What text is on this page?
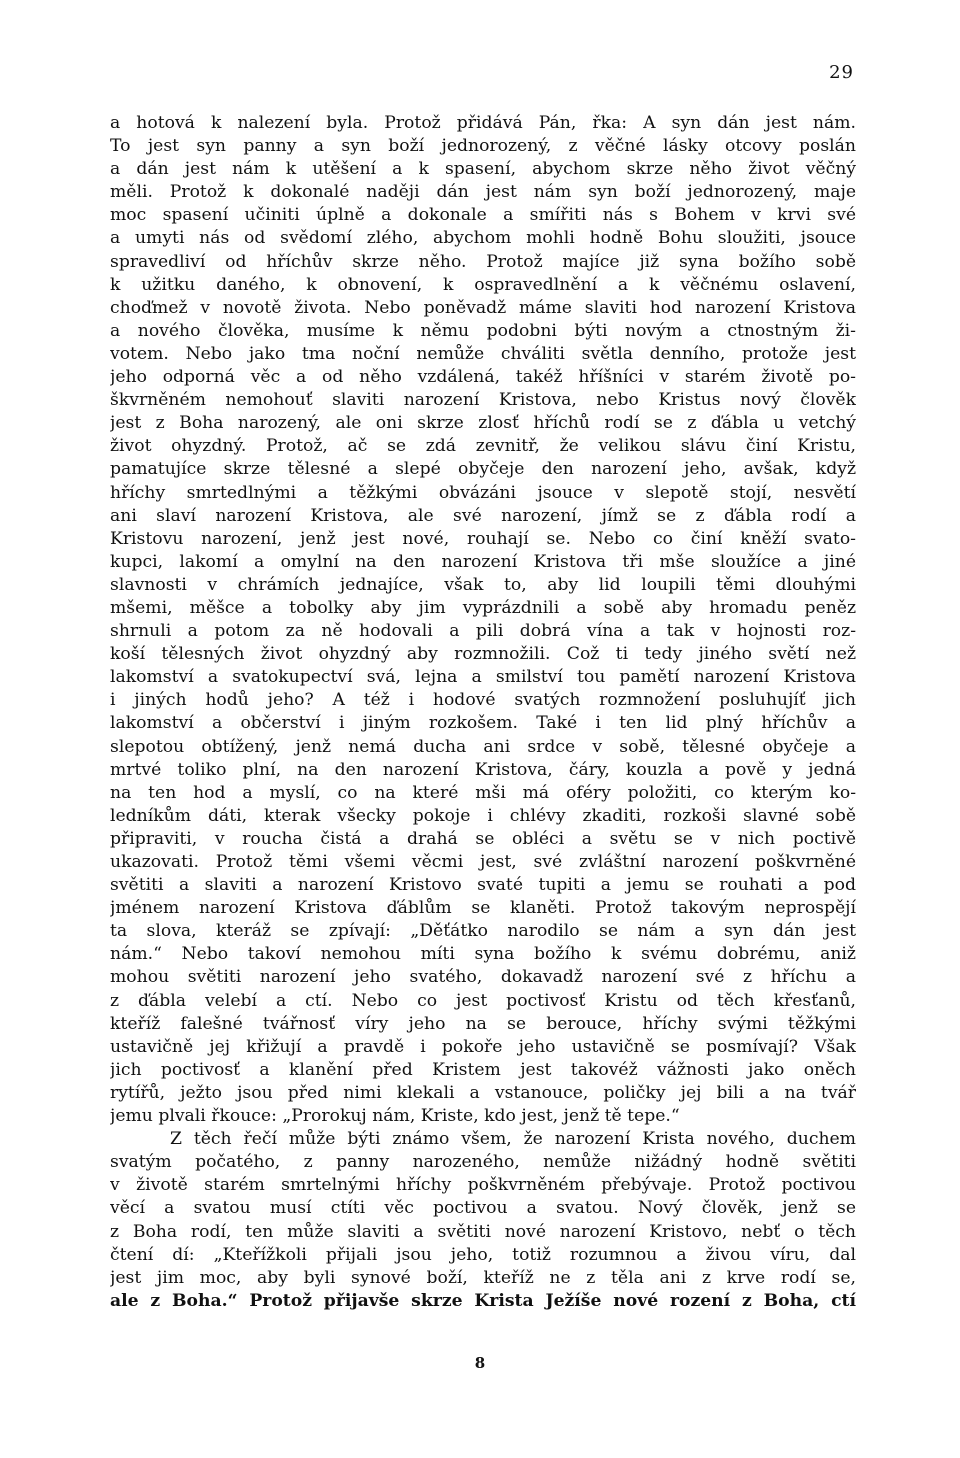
29
a hotová k nalezení byla. Protož přidává Pán, řka: A syn dán jest nám.
To jest syn panny a syn boží jednorozený, z věčné lásky otcovy poslán
a dán jest nám k utěšení a k spasení, abychom skrze něho život věčný
měli. Protož k dokonalé naději dán jest nám syn boží jednorozený, maje
moc spasení učiniti úplně a dokonale a smířiti nás s Bohem v krvi své
a umyti nás od svědomí zlého, abychom mohli hodně Bohu sloužiti, jsouce
spravedliví od hříchův skrze něho. Protož majíce již syna božího sobě
k užitku daného, k obnovení, k ospravedlnění a k věčnému oslavení,
choďmež v novotě života. Nebo poněvadž máme slaviti hod narození Kristova
a nového člověka, musíme k němu podobni býti novým a ctnostným ži-
votem. Nebo jako tma noční nemůže chváliti světla denního, protože jest
jeho odporná věc a od něho vzdálená, takéž hříšníci v starém životě po-
škvrněném nemohouť slaviti narození Kristova, nebo Kristus nový člověk
jest z Boha narozený, ale oni skrze zlosť hříchů rodí se z ďábla u vetchý
život ohyzdný. Protož, ač se zdá zevnitř, že velikou slávu činí Kristu,
pamatujíce skrze tělesné a slepé obyčeje den narození jeho, avšak, když
hříchy smrtedlnými a těžkými obvázáni jsouce v slepotě stojí, nesvětí
ani slaví narození Kristova, ale své narození, jímž se z ďábla rodí a
Kristovu narození, jenž jest nové, rouhají se. Nebo co činí kněží svato-
kupci, lakomí a omylní na den narození Kristova tři mše sloužíce a jiné
slavnosti v chrámích jednajíce, však to, aby lid loupili těmi dlouhými
mšemi, měšce a tobolky aby jim vyprázdnili a sobě aby hromadu peněz
shrnuli a potom za ně hodovali a pili dobrá vína a tak v hojnosti roz-
koší tělesných život ohyzdný aby rozmnožili. Což ti tedy jiného světí než
lakomství a svatokupectví svá, lejna a smilství tou pamětí narození Kristova
i jiných hodů jeho? A též i hodové svatých rozmnožení posluhujíť jich
lakomství a občerství i jiným rozkošem. Také i ten lid plný hříchův a
slepotou obtížený, jenž nemá ducha ani srdce v sobě, tělesné obyčeje a
mrtvé toliko plní, na den narození Kristova, čáry, kouzla a pově y jedná
na ten hod a myslí, co na které mši má oféry položiti, co kterým ko-
ledníkům dáti, kterak všecky pokoje i chlévy zkaditi, rozkoši slavné sobě
připraviti, v roucha čistá a drahá se obléci a světu se v nich poctivě
ukazovati. Protož těmi všemi věcmi jest, své zvláštní narození poškvrněné
světiti a slaviti a narození Kristovo svaté tupiti a jemu se rouhati a pod
jménem narození Kristova ďáblům se klaněti. Protož takovým neprospějí
ta slova, kteráž se zpívají: „Děťátko narodilo se nám a syn dán jest
nám.“ Nebo takoví nemohou míti syna božího k svému dobrému, aniž
mohou světiti narození jeho svatého, dokavadž narození své z hříchu a
z ďábla velebí a ctí. Nebo co jest poctivosť Kristu od těch křesťanů,
kteříž falešné tvářnosť víry jeho na se berouce, hříchy svými těžkými
ustavičně jej křižují a pravdě i pokoře jeho ustavičně se posmívají? Však
jich poctivosť a klanění před Kristem jest takovéž vážnosti jako oněch
rytířů, ježto jsou před nimi klekali a vstanouce, poličky jej bili a na tvář
jemu plvali řkouce: „Prorokuj nám, Kriste, kdo jest, jenž tě tepe.“
Z těch řečí může býti známo všem, že narození Krista nového, duchem
svatým počatého, z panny narozeného, nemůže nižádný hodně světiti
v životě starém smrtelnými hříchy poškvrněném přebývaje. Protož poctivou
věcí a svatou musí ctíti věc poctivou a svatou. Nový člověk, jenž se
z Boha rodí, ten může slaviti a světiti nové narození Kristovo, nebť o těch
čtení dí: „Kteřížkoli přijali jsou jeho, totiž rozumnou a živou víru, dal
jest jim moc, aby byli synové boží, kteříž ne z těla ani z krve rodí se,
ale z Boha.“ Protož přijavše skrze Krista Ježíše nové rození z Boha, ctí
8
